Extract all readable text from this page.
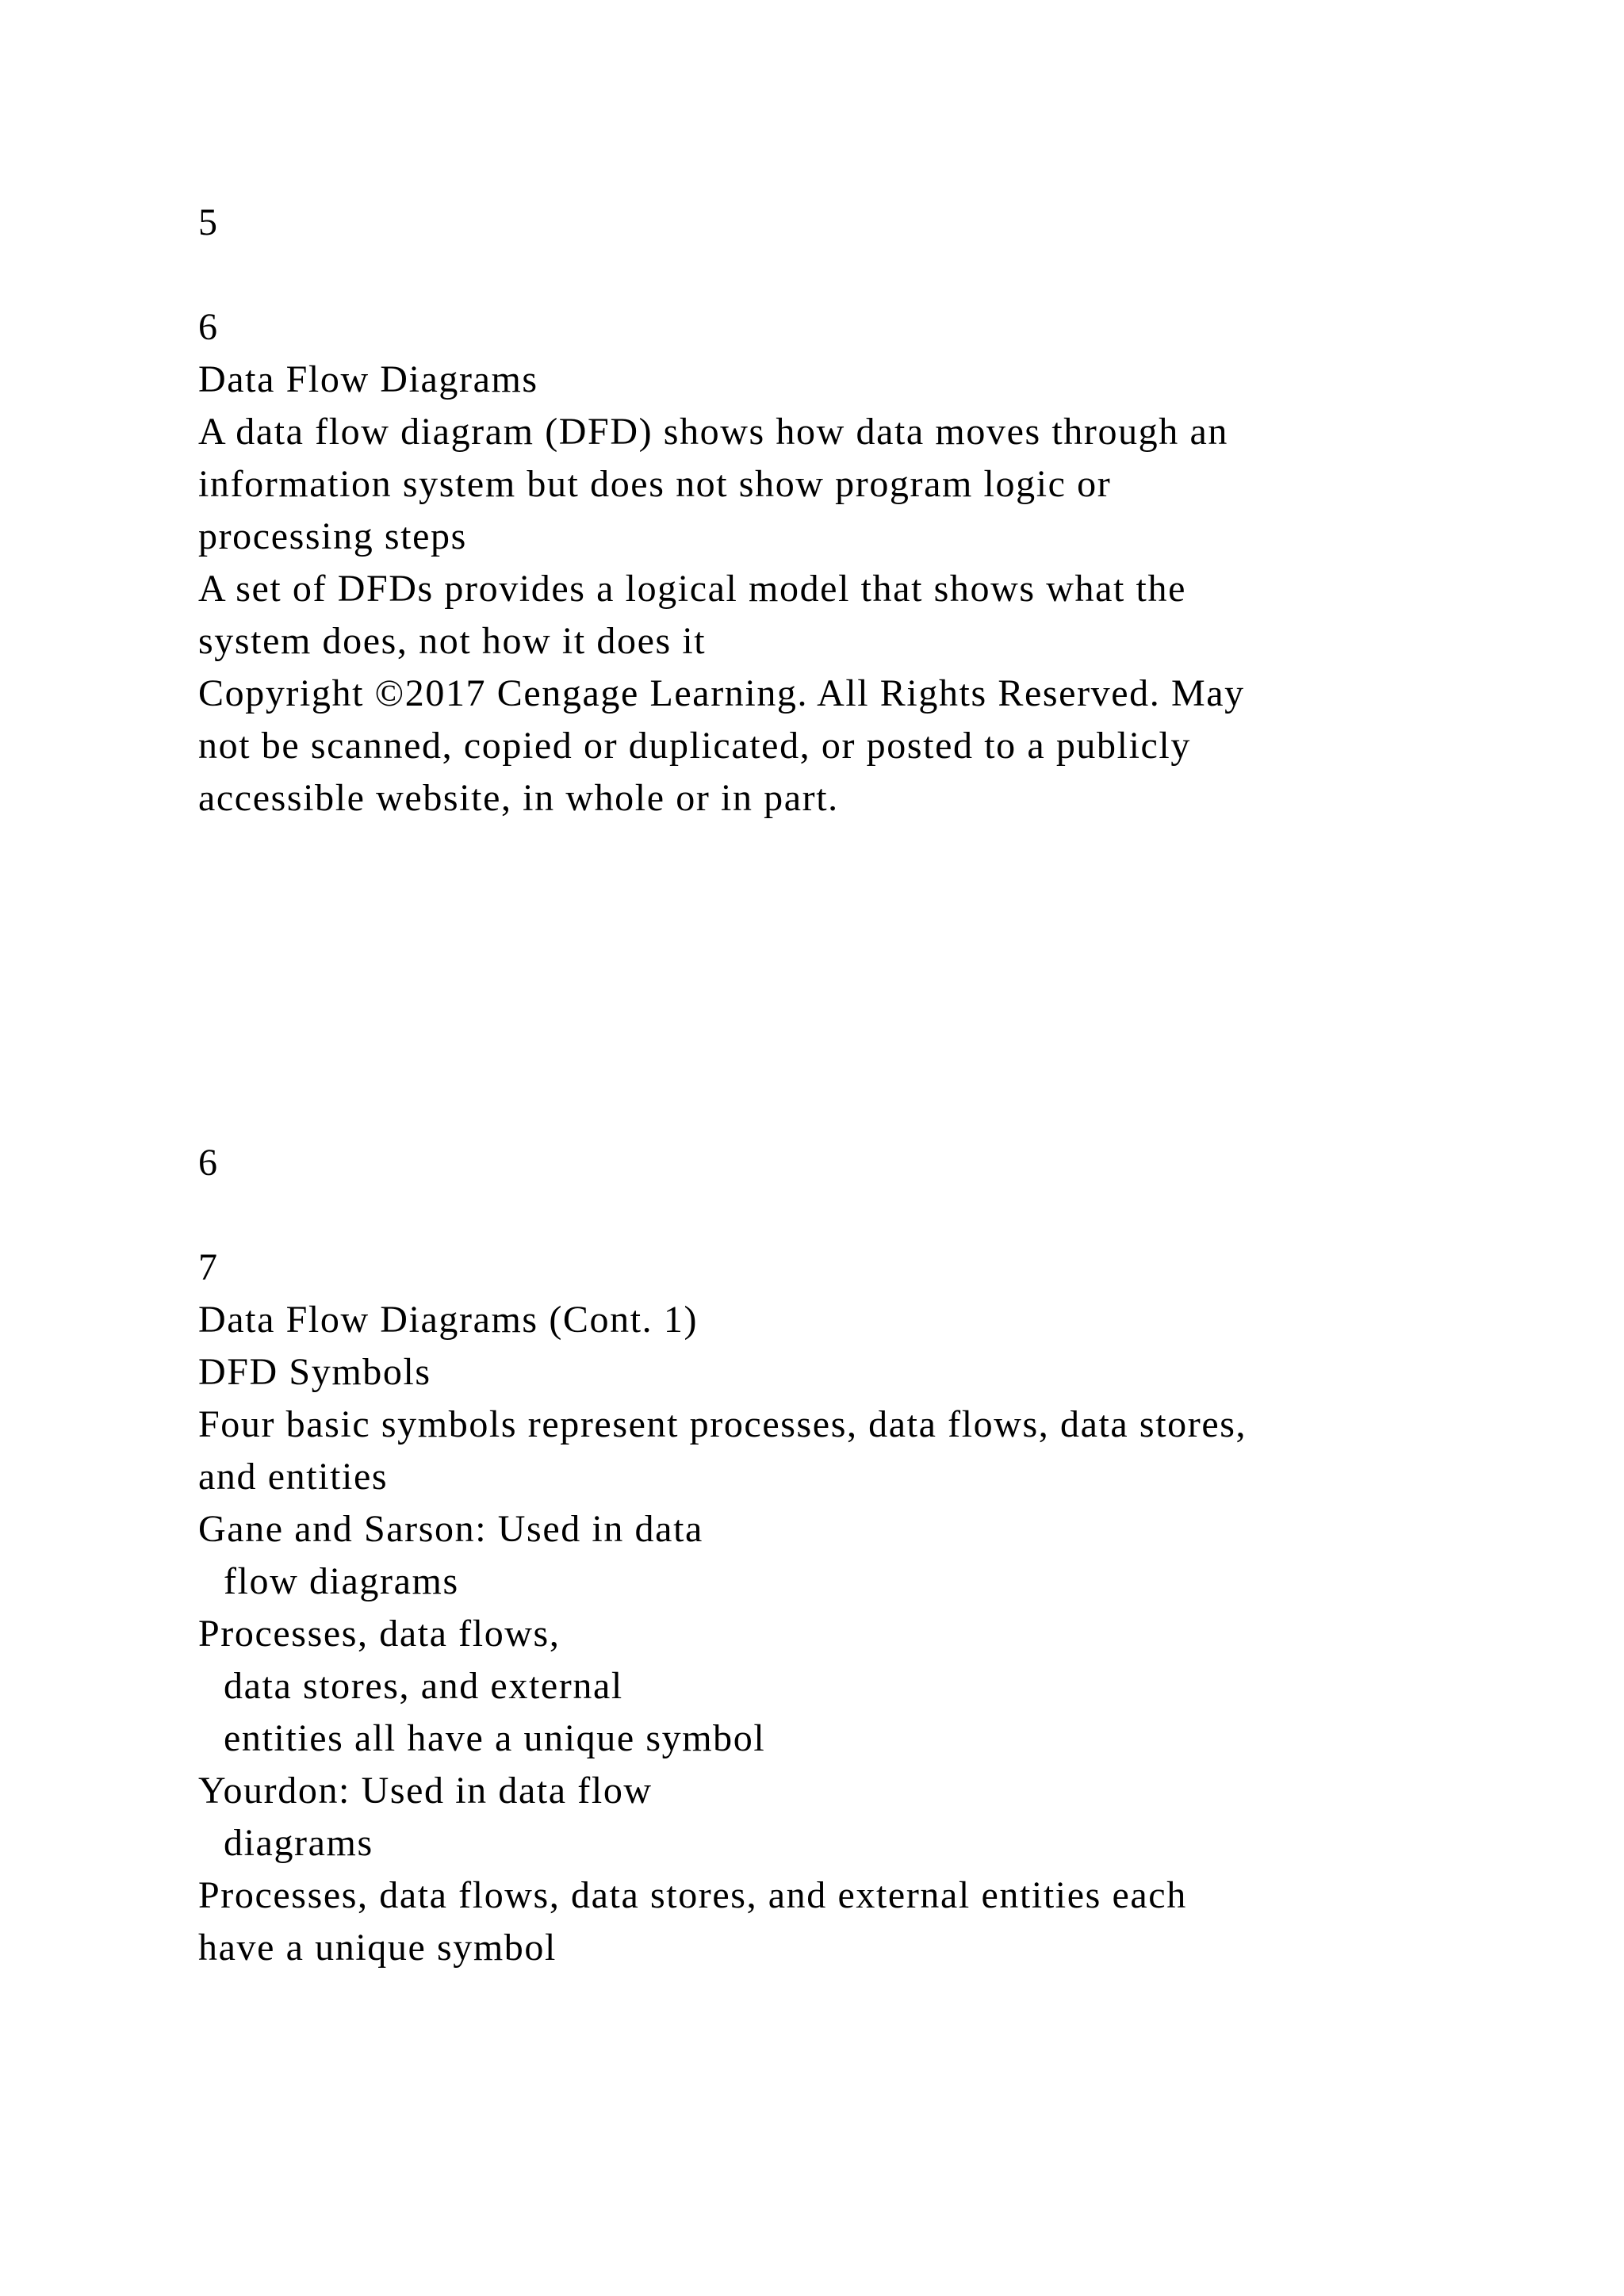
5
6
Data Flow Diagrams
A data flow diagram (DFD) shows how data moves through an
information system but does not show program logic or
processing steps
A set of DFDs provides a logical model that shows what the
system does, not how it does it
Copyright ©2017 Cengage Learning. All Rights Reserved. May
not be scanned, copied or duplicated, or posted to a publicly
accessible website, in whole or in part.
6
7
Data Flow Diagrams (Cont. 1)
DFD Symbols
Four basic symbols represent processes, data flows, data stores,
and entities
Gane and Sarson: Used in data
flow diagrams
Processes, data flows,
data stores, and external
entities all have a unique symbol
Yourdon: Used in data flow
diagrams
Processes, data flows, data stores, and external entities each
have a unique symbol
